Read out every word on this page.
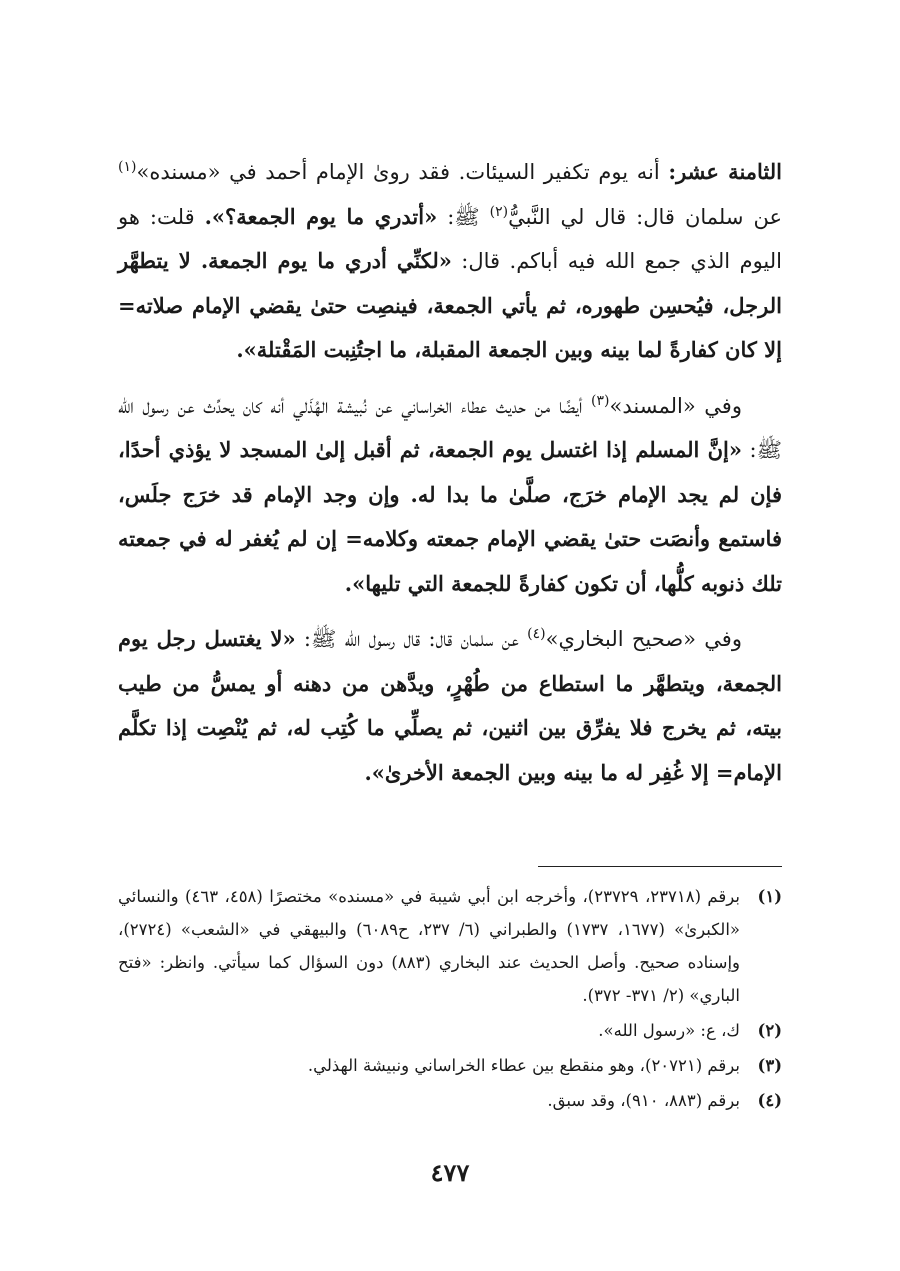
الثامنة عشر: أنه يوم تكفير السيئات. فقد روىٰ الإمام أحمد في «مسنده»$^{(١)}$ عن سلمان قال: قال لي النَّبيُّ$^{(٢)}$ ﷺ: «أتدري ما يوم الجمعة؟». قلت: هو اليوم الذي جمع الله فيه أباكم. قال: «لكنِّي أدري ما يوم الجمعة. لا يتطهَّر الرجل، فيُحسِن طهوره، ثم يأتي الجمعة، فينصِت حتىٰ يقضي الإمام صلاته= إلا كان كفارةً لما بينه وبين الجمعة المقبلة، ما اجتُنِبت المَقْتلة».

وفي «المسند»$^{(٣)}$ أيضًا من حديث عطاء الخراساني عن نُبيشة الهُذَلي أنه كان يحدِّث عن رسول الله ﷺ: «إنَّ المسلم إذا اغتسل يوم الجمعة، ثم أقبل إلىٰ المسجد لا يؤذي أحدًا، فإن لم يجد الإمام خرَج، صلَّىٰ ما بدا له. وإن وجد الإمام قد خرَج جلَس، فاستمع وأنصَت حتىٰ يقضي الإمام جمعته وكلامه= إن لم يُغفر له في جمعته تلك ذنوبه كلُّها، أن تكون كفارةً للجمعة التي تليها».

وفي «صحيح البخاري»$^{(٤)}$ عن سلمان قال: قال رسول الله ﷺ: «لا يغتسل رجل يوم الجمعة، ويتطهَّر ما استطاع من طُهْرٍ، ويدَّهن من دهنه أو يمسُّ من طيب بيته، ثم يخرج فلا يفرِّق بين اثنين، ثم يصلِّي ما كُتِب له، ثم يُنْصِت إذا تكلَّم الإمام= إلا غُفِر له ما بينه وبين الجمعة الأخرىٰ».

(١)
برقم (٢٣٧١٨، ٢٣٧٢٩)، وأخرجه ابن أبي شيبة في «مسنده» مختصرًا (٤٥٨، ٤٦٣) والنسائي «الكبرىٰ» (١٦٧٧، ١٧٣٧) والطبراني (٦/ ٢٣٧، ح٦٠٨٩) والبيهقي في «الشعب» (٢٧٢٤)، وإسناده صحيح. وأصل الحديث عند البخاري (٨٨٣) دون السؤال كما سيأتي. وانظر: «فتح الباري» (٢/ ٣٧١- ٣٧٢).
(٢)
ك، ع: «رسول الله».
(٣)
برقم (٢٠٧٢١)، وهو منقطع بين عطاء الخراساني ونبيشة الهذلي.
(٤)
برقم (٨٨٣، ٩١٠)، وقد سبق.
٤٧٧
